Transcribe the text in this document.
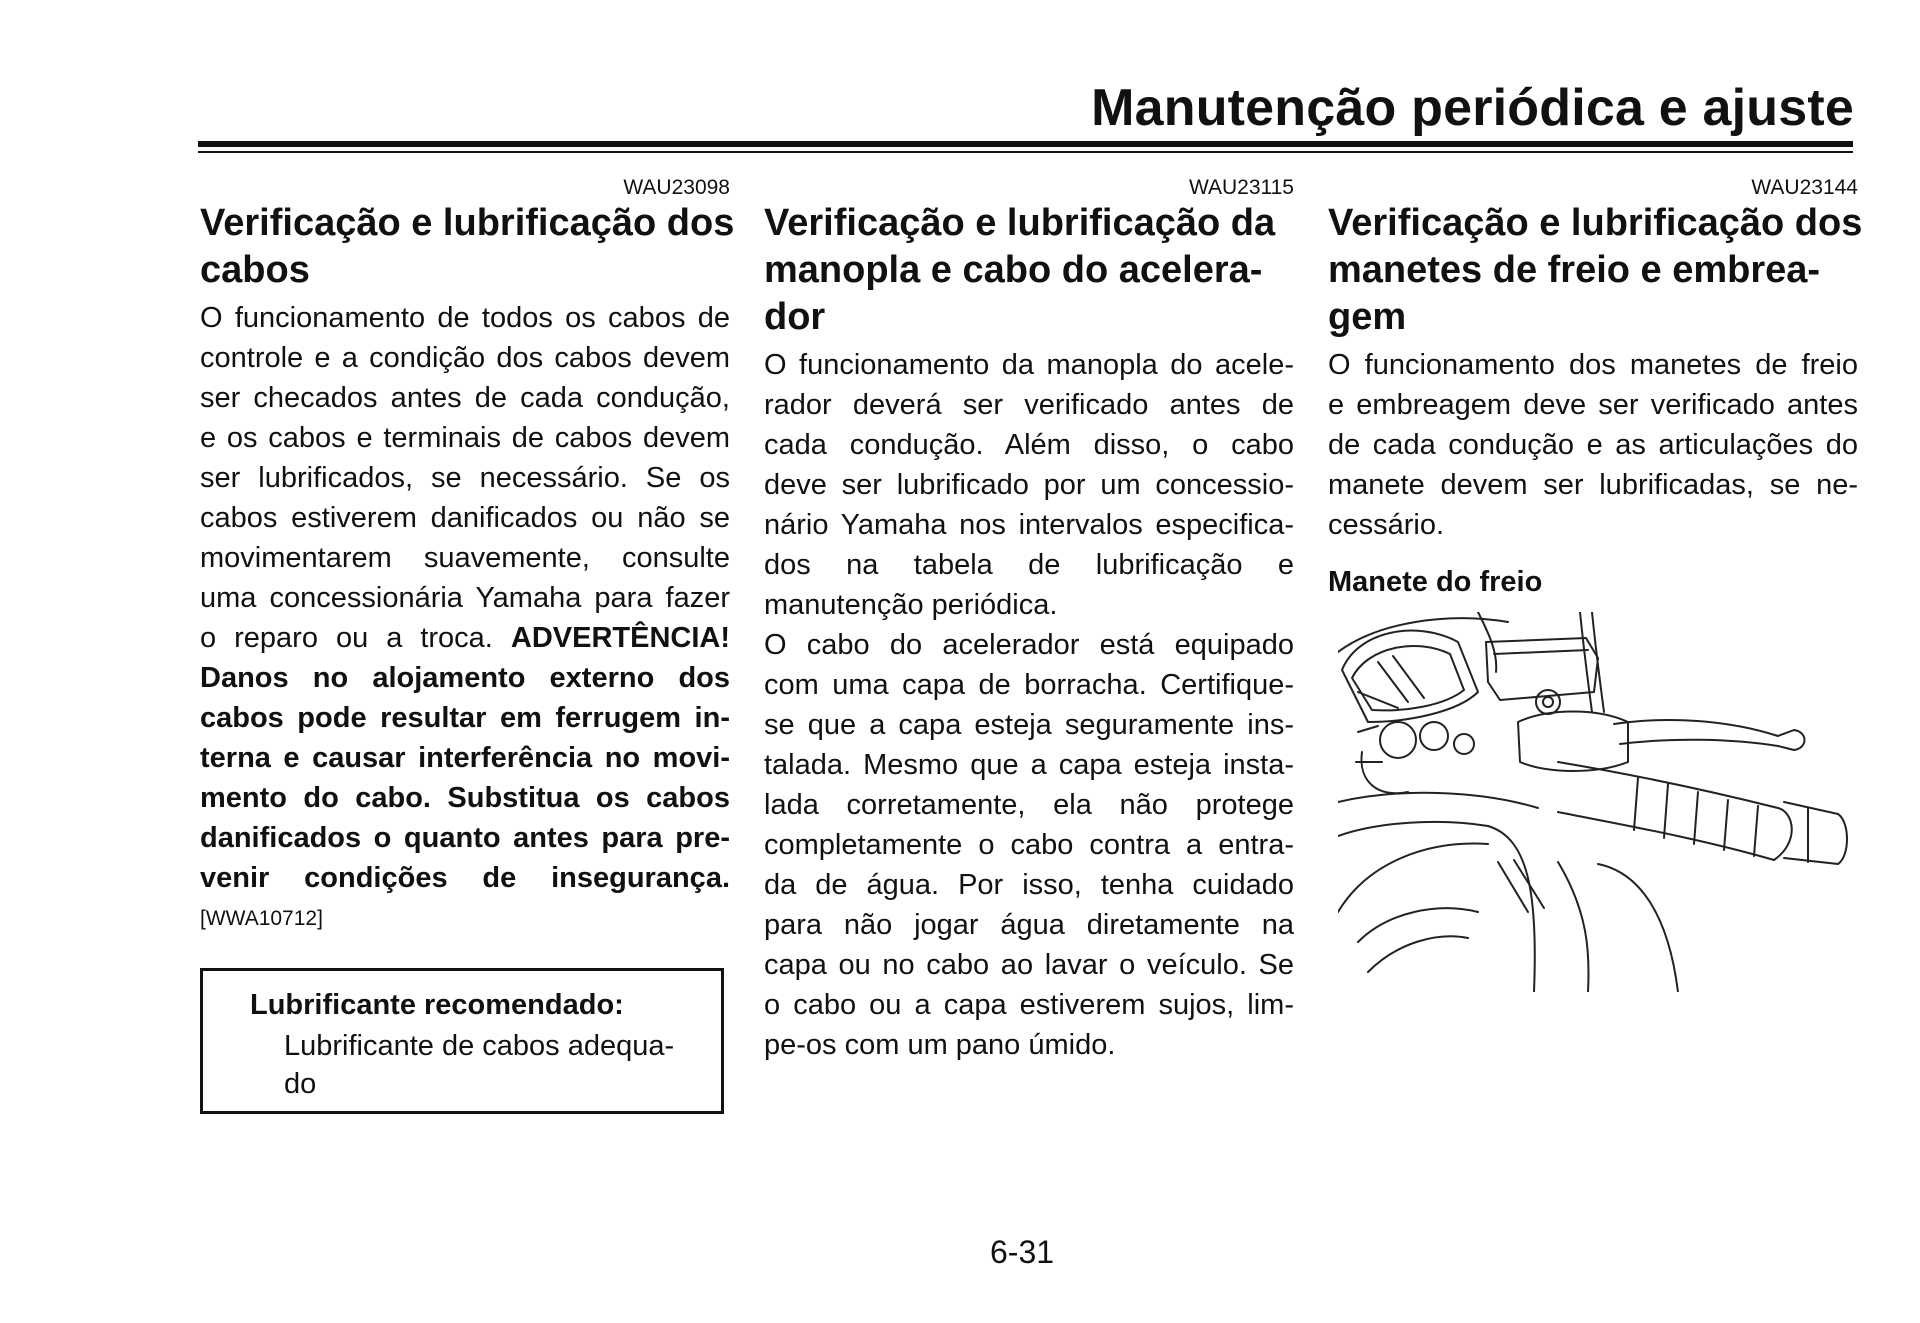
Manutenção periódica e ajuste
WAU23098
Verificação e lubrificação dos
cabos
O funcionamento de todos os cabos de
controle e a condição dos cabos devem
ser checados antes de cada condução,
e os cabos e terminais de cabos devem
ser lubrificados, se necessário. Se os
cabos estiverem danificados ou não se
movimentarem suavemente, consulte
uma concessionária Yamaha para fazer
o reparo ou a troca. ADVERTÊNCIA!
Danos no alojamento externo dos
cabos pode resultar em ferrugem in-
terna e causar interferência no movi-
mento do cabo. Substitua os cabos
danificados o quanto antes para pre-
venir condições de insegurança.
[WWA10712]
Lubrificante recomendado:
Lubrificante de cabos adequa-
do
WAU23115
Verificação e lubrificação da
manopla e cabo do acelera-
dor
O funcionamento da manopla do acele-
rador deverá ser verificado antes de
cada condução. Além disso, o cabo
deve ser lubrificado por um concessio-
nário Yamaha nos intervalos especifica-
dos na tabela de lubrificação e
manutenção periódica.
O cabo do acelerador está equipado
com uma capa de borracha. Certifique-
se que a capa esteja seguramente ins-
talada. Mesmo que a capa esteja insta-
lada corretamente, ela não protege
completamente o cabo contra a entra-
da de água. Por isso, tenha cuidado
para não jogar água diretamente na
capa ou no cabo ao lavar o veículo. Se
o cabo ou a capa estiverem sujos, lim-
pe-os com um pano úmido.
WAU23144
Verificação e lubrificação dos
manetes de freio e embrea-
gem
O funcionamento dos manetes de freio
e embreagem deve ser verificado antes
de cada condução e as articulações do
manete devem ser lubrificadas, se ne-
cessário.
Manete do freio
6-31
